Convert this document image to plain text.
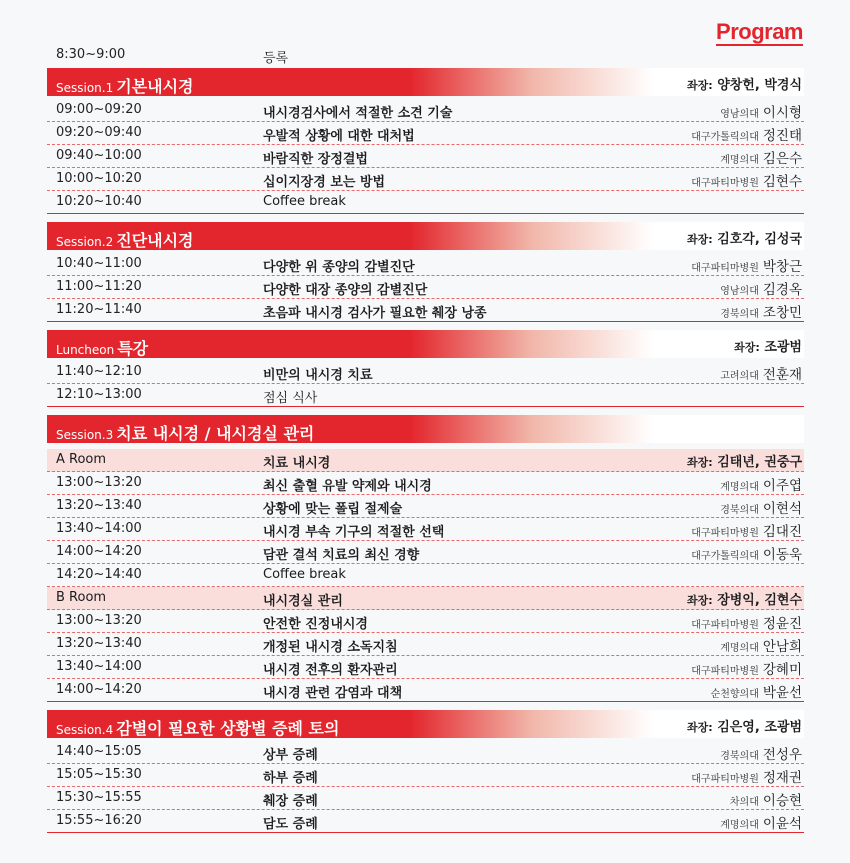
Program
8:30~9:00	등록
Session.1 기본내시경	좌장: 양창헌, 박경식
09:00~09:20	내시경검사에서 적절한 소견 기술	영남의대 이시형
09:20~09:40	우발적 상황에 대한 대처법	대구가톨릭의대 정진태
09:40~10:00	바람직한 장정결법	계명의대 김은수
10:00~10:20	십이지장경 보는 방법	대구파티마병원 김현수
10:20~10:40	Coffee break
Session.2 진단내시경	좌장: 김호각, 김성국
10:40~11:00	다양한 위 종양의 감별진단	대구파티마병원 박창근
11:00~11:20	다양한 대장 종양의 감별진단	영남의대 김경옥
11:20~11:40	초음파 내시경 검사가 필요한 췌장 낭종	경북의대 조창민
Luncheon 특강	좌장: 조광범
11:40~12:10	비만의 내시경 치료	고려의대 전훈재
12:10~13:00	점심 식사
Session.3 치료 내시경 / 내시경실 관리
A Room	치료 내시경	좌장: 김태년, 권중구
13:00~13:20	최신 출혈 유발 약제와 내시경	계명의대 이주엽
13:20~13:40	상황에 맞는 폴립 절제술	경북의대 이현석
13:40~14:00	내시경 부속 기구의 적절한 선택	대구파티마병원 김대진
14:00~14:20	담관 결석 치료의 최신 경향	대구가톨릭의대 이동욱
14:20~14:40	Coffee break
B Room	내시경실 관리	좌장: 장병익, 김현수
13:00~13:20	안전한 진정내시경	대구파티마병원 정윤진
13:20~13:40	개정된 내시경 소독지침	계명의대 안남희
13:40~14:00	내시경 전후의 환자관리	대구파티마병원 강혜미
14:00~14:20	내시경 관련 감염과 대책	순천향의대 박윤선
Session.4 감별이 필요한 상황별 증례 토의	좌장: 김은영, 조광범
14:40~15:05	상부 증례	경북의대 전성우
15:05~15:30	하부 증례	대구파티마병원 정재권
15:30~15:55	췌장 증례	차의대 이승현
15:55~16:20	담도 증례	계명의대 이윤석
